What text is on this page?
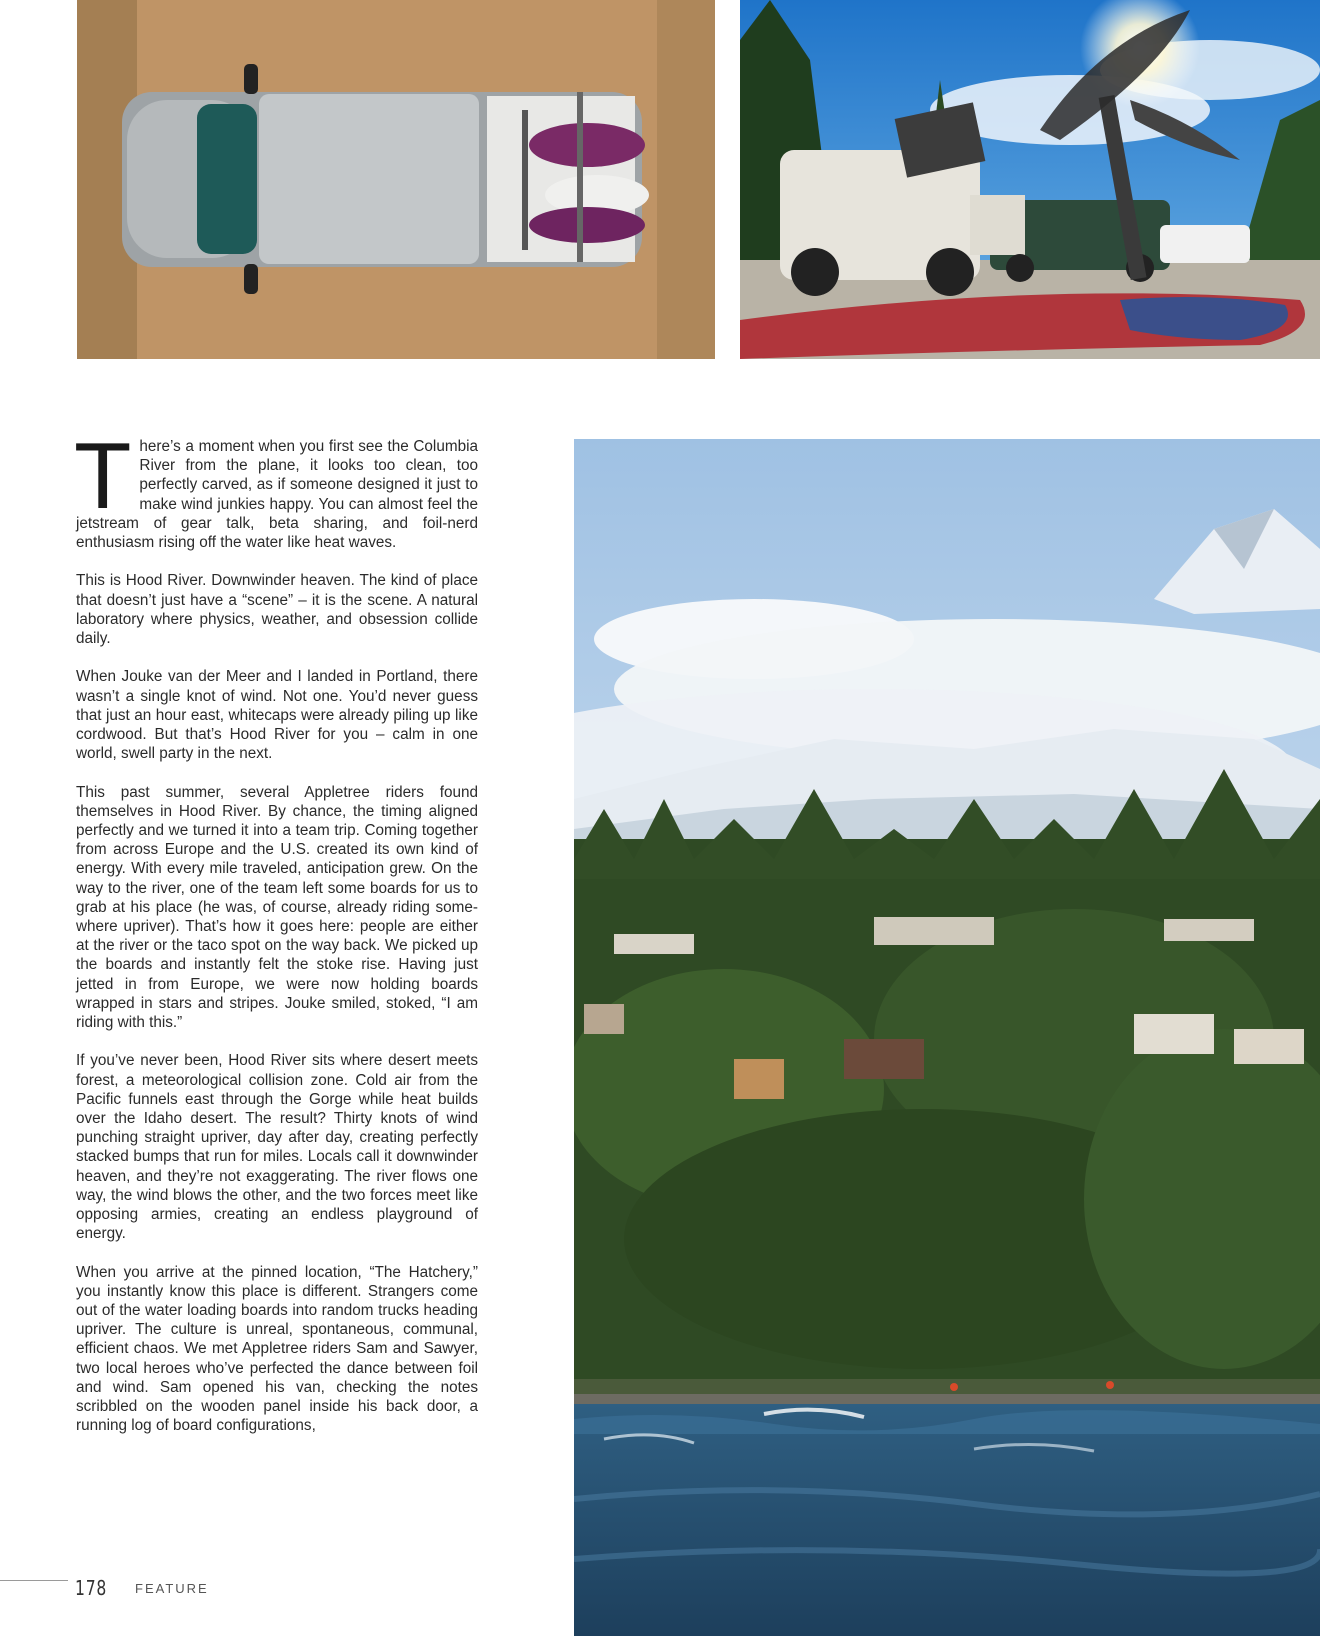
There’s a moment when you first see the Columbia River from the plane, it looks too clean, too perfectly carved, as if someone designed it just to make wind junkies happy. You can almost feel the jetstream of gear talk, beta sharing, and foil-nerd enthusiasm rising off the water like heat waves.

This is Hood River. Downwinder heaven. The kind of place that doesn’t just have a “scene” – it is the scene. A natural laboratory where physics, weather, and obsession collide daily.

When Jouke van der Meer and I landed in Portland, there wasn’t a single knot of wind. Not one. You’d never guess that just an hour east, whitecaps were already piling up like cordwood. But that’s Hood River for you – calm in one world, swell party in the next.

This past summer, several Appletree riders found themselves in Hood River. By chance, the timing aligned perfectly and we turned it into a team trip. Coming together from across Europe and the U.S. created its own kind of energy. With every mile traveled, anticipation grew. On the way to the river, one of the team left some boards for us to grab at his place (he was, of course, already riding somewhere upriver). That’s how it goes here: people are either at the river or the taco spot on the way back. We picked up the boards and instantly felt the stoke rise. Having just jetted in from Europe, we were now holding boards wrapped in stars and stripes. Jouke smiled, stoked, “I am riding with this.”

If you’ve never been, Hood River sits where desert meets forest, a meteorological collision zone. Cold air from the Pacific funnels east through the Gorge while heat builds over the Idaho desert. The result? Thirty knots of wind punching straight upriver, day after day, creating perfectly stacked bumps that run for miles. Locals call it downwinder heaven, and they’re not exaggerating. The river flows one way, the wind blows the other, and the two forces meet like opposing armies, creating an endless playground of energy.

When you arrive at the pinned location, “The Hatchery,” you instantly know this place is different. Strangers come out of the water loading boards into random trucks heading upriver. The culture is unreal, spontaneous, communal, efficient chaos. We met Appletree riders Sam and Sawyer, two local heroes who’ve perfected the dance between foil and wind. Sam opened his van, checking the notes scribbled on the wooden panel inside his back door, a running log of board configurations,

178 FEATURE
